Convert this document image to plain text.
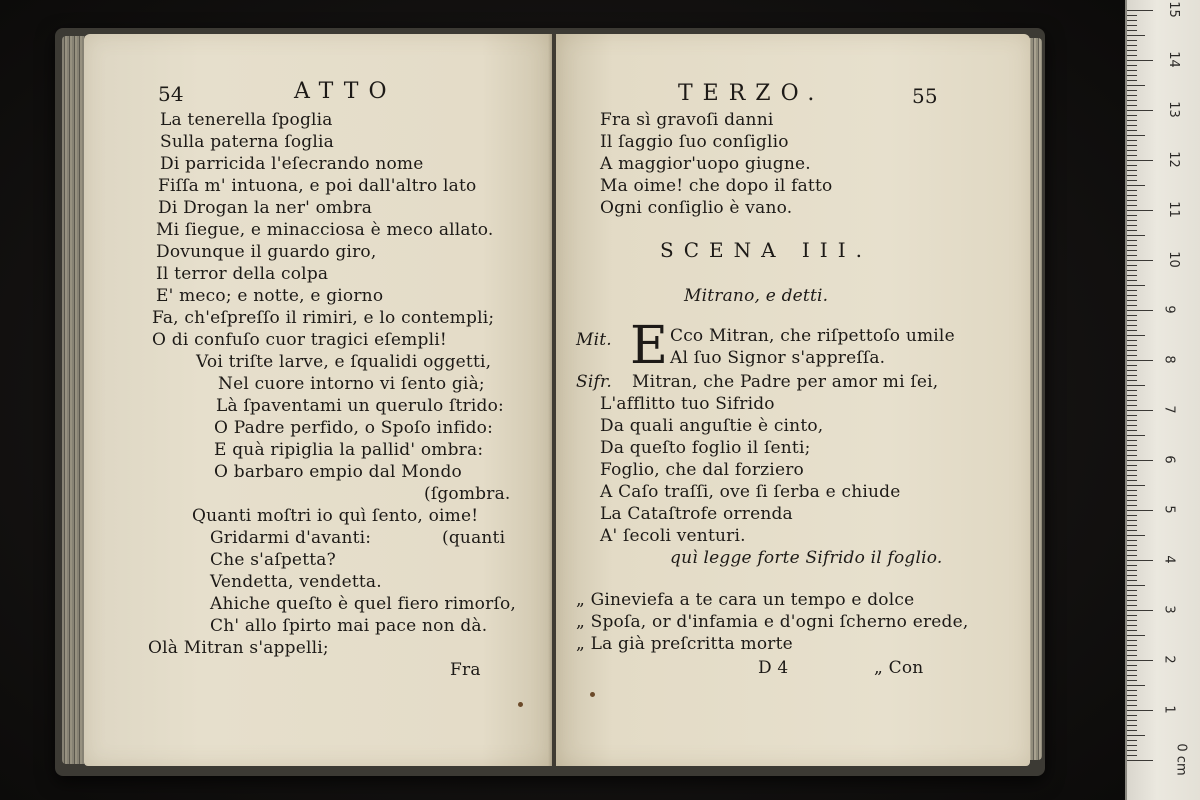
54	ATTO
La tenerella ſpoglia
Sulla paterna ſoglia
Di parricida l'eſecrando nome
Fiſſa m' intuona, e poi dall'altro lato
Di Drogan la ner' ombra
Mi ſiegue, e minacciosa è meco allato.
Dovunque il guardo giro,
Il terror della colpa
E' meco; e notte, e giorno
Fa, ch'eſpreſſo il rimiri, e lo contempli;
O di confuſo cuor tragici eſempli!
Voi triſte larve, e ſqualidi oggetti,
Nel cuore intorno vi ſento già;
Là ſpaventami un querulo ſtrido:
O Padre perfido, o Spoſo infido:
E quà ripiglia la pallid' ombra:
O barbaro empio dal Mondo
(ſgombra.
Quanti moſtri io quì ſento, oime!
Gridarmi d'avanti:	(quanti
Che s'aſpetta?
Vendetta, vendetta.
Ahiche queſto è quel fiero rimorſo,
Ch' allo ſpirto mai pace non dà.
Olà Mitran s'appelli;
Fra
TERZO.	55
Fra sì gravoſi danni
Il ſaggio ſuo conſiglio
A maggior'uopo giugne.
Ma oime! che dopo il fatto
Ogni conſiglio è vano.
SCENA III.
Mitrano, e detti.
Mit. E Cco Mitran, che riſpettoſo umile
Al ſuo Signor s'appreſſa.
Sifr. Mitran, che Padre per amor mi ſei,
L'afflitto tuo Sifrido
Da quali anguſtie è cinto,
Da queſto foglio il ſenti;
Foglio, che dal forziero
A Caſo traſſi, ove ſi ſerba e chiude
La Cataſtrofe orrenda
A' ſecoli venturi.
quì legge forte Sifrido il foglio.
„ Gineviefa a te cara un tempo e dolce
„ Spoſa, or d'infamia e d'ogni ſcherno erede,
„ La già preſcritta morte
D 4	„ Con
0 cm
1
2
3
4
5
6
7
8
9
10
11
12
13
14
15
